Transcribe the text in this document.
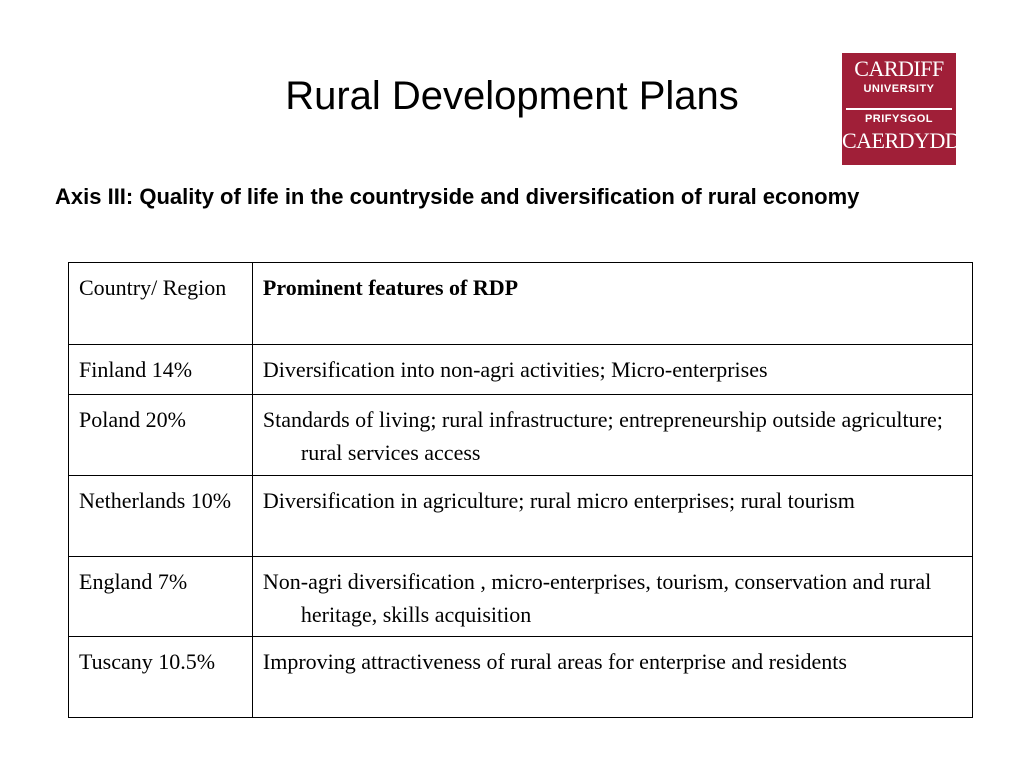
Rural Development Plans
CARDIFF
UNIVERSITY
PRIFYSGOL
CAERDYDD

Axis III: Quality of life in the countryside and diversification of rural economy

Country/ Region	Prominent features of RDP

Finland 14%	Diversification into non-agri activities; Micro-enterprises

Poland 20%	Standards of living; rural infrastructure; entrepreneurship outside agriculture; rural services access

Netherlands 10%	Diversification in agriculture; rural micro enterprises; rural tourism

England 7%	Non-agri diversification , micro-enterprises, tourism, conservation and rural heritage, skills acquisition

Tuscany 10.5%	Improving attractiveness of rural areas for enterprise and residents
